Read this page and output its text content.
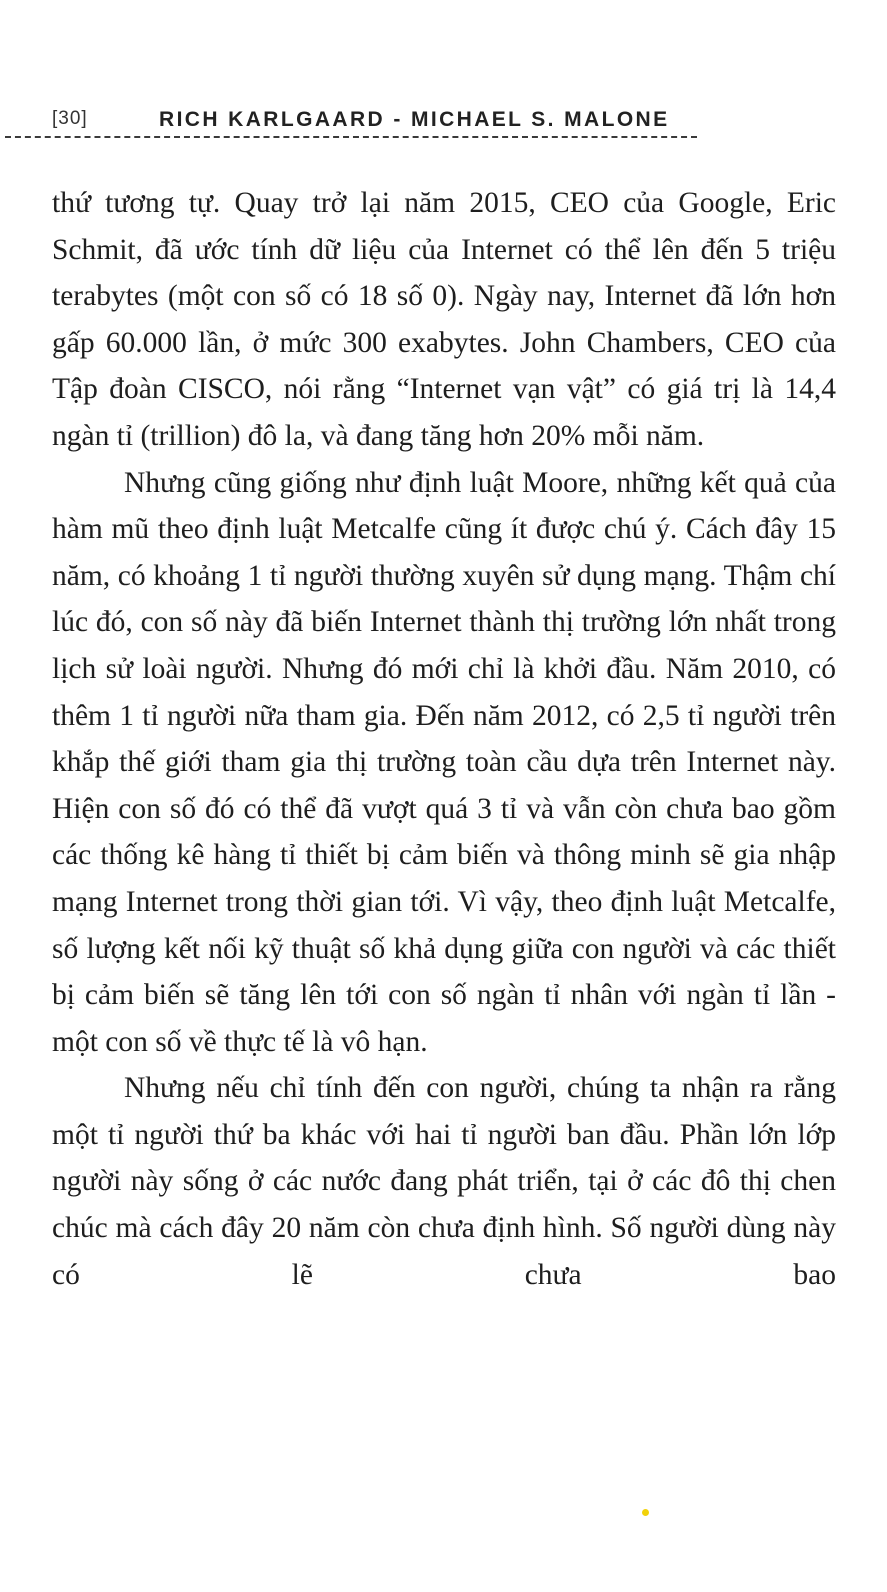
[30]	RICH KARLGAARD - MICHAEL S. MALONE

thứ tương tự. Quay trở lại năm 2015, CEO của Google, Eric Schmit, đã ước tính dữ liệu của Internet có thể lên đến 5 triệu terabytes (một con số có 18 số 0). Ngày nay, Internet đã lớn hơn gấp 60.000 lần, ở mức 300 exabytes. John Chambers, CEO của Tập đoàn CISCO, nói rằng “Internet vạn vật” có giá trị là 14,4 ngàn tỉ (trillion) đô la, và đang tăng hơn 20% mỗi năm.

Nhưng cũng giống như định luật Moore, những kết quả của hàm mũ theo định luật Metcalfe cũng ít được chú ý. Cách đây 15 năm, có khoảng 1 tỉ người thường xuyên sử dụng mạng. Thậm chí lúc đó, con số này đã biến Internet thành thị trường lớn nhất trong lịch sử loài người. Nhưng đó mới chỉ là khởi đầu. Năm 2010, có thêm 1 tỉ người nữa tham gia. Đến năm 2012, có 2,5 tỉ người trên khắp thế giới tham gia thị trường toàn cầu dựa trên Internet này. Hiện con số đó có thể đã vượt quá 3 tỉ và vẫn còn chưa bao gồm các thống kê hàng tỉ thiết bị cảm biến và thông minh sẽ gia nhập mạng Internet trong thời gian tới. Vì vậy, theo định luật Metcalfe, số lượng kết nối kỹ thuật số khả dụng giữa con người và các thiết bị cảm biến sẽ tăng lên tới con số ngàn tỉ nhân với ngàn tỉ lần - một con số về thực tế là vô hạn.

Nhưng nếu chỉ tính đến con người, chúng ta nhận ra rằng một tỉ người thứ ba khác với hai tỉ người ban đầu. Phần lớn lớp người này sống ở các nước đang phát triển, tại ở các đô thị chen chúc mà cách đây 20 năm còn chưa định hình. Số người dùng này có lẽ chưa bao
